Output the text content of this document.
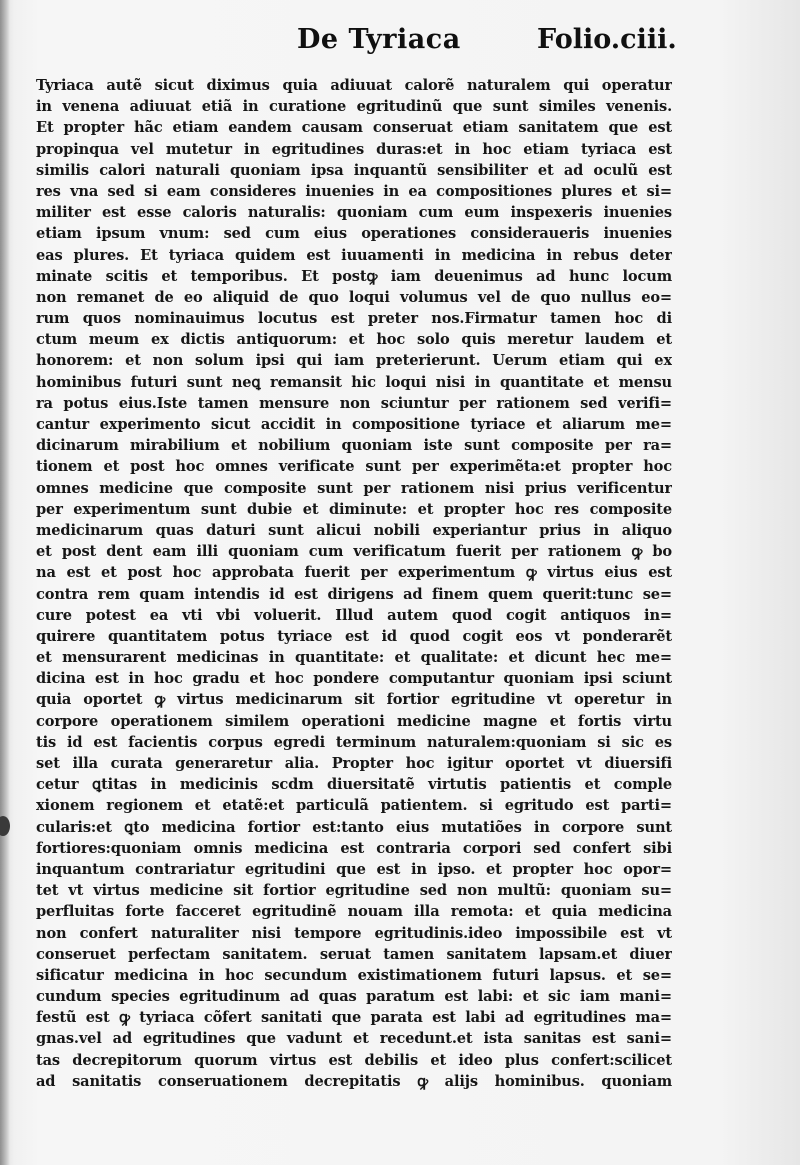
De Tyriaca	Folio.ciii.
Tyriaca autẽ sicut diximus quia adiuuat calorẽ naturalem qui operatur
in venena adiuuat etiã in curatione egritudinũ que sunt similes venenis.
Et propter hãc etiam eandem causam conseruat etiam sanitatem que est
propinqua vel mutetur in egritudines duras:et in hoc etiam tyriaca est
similis calori naturali quoniam ipsa inquantũ sensibiliter et ad oculũ est
res vna sed si eam consideres inuenies in ea compositiones plures et si=
militer est esse caloris naturalis: quoniam cum eum inspexeris inuenies
etiam ipsum vnum: sed cum eius operationes consideraueris inuenies
eas plures. Et tyriaca quidem est iuuamenti in medicina in rebus deter
minate scitis et temporibus. Et postꝙ iam deuenimus ad hunc locum
non remanet de eo aliquid de quo loqui volumus vel de quo nullus eo=
rum quos nominauimus locutus est preter nos.Firmatur tamen hoc di
ctum meum ex dictis antiquorum: et hoc solo quis meretur laudem et
honorem: et non solum ipsi qui iam preterierunt. Uerum etiam qui ex
hominibus futuri sunt neꝗ remansit hic loqui nisi in quantitate et mensu
ra potus eius.Iste tamen mensure non sciuntur per rationem sed verifi=
cantur experimento sicut accidit in compositione tyriace et aliarum me=
dicinarum mirabilium et nobilium quoniam iste sunt composite per ra=
tionem et post hoc omnes verificate sunt per experimẽta:et propter hoc
omnes medicine que composite sunt per rationem nisi prius verificentur
per experimentum sunt dubie et diminute: et propter hoc res composite
medicinarum quas daturi sunt alicui nobili experiantur prius in aliquo
et post dent eam illi quoniam cum verificatum fuerit per rationem ꝙ bo
na est et post hoc approbata fuerit per experimentum ꝙ virtus eius est
contra rem quam intendis id est dirigens ad finem quem querit:tunc se=
cure potest ea vti vbi voluerit. Illud autem quod cogit antiquos in=
quirere quantitatem potus tyriace est id quod cogit eos vt ponderarẽt
et mensurarent medicinas in quantitate: et qualitate: et dicunt hec me=
dicina est in hoc gradu et hoc pondere computantur quoniam ipsi sciunt
quia oportet ꝙ virtus medicinarum sit fortior egritudine vt operetur in
corpore operationem similem operationi medicine magne et fortis virtu
tis id est facientis corpus egredi terminum naturalem:quoniam si sic es
set illa curata generaretur alia. Propter hoc igitur oportet vt diuersifi
cetur ꝗtitas in medicinis scdm diuersitatẽ virtutis patientis et comple
xionem regionem et etatẽ:et particulã patientem. si egritudo est parti=
cularis:et ꝗto medicina fortior est:tanto eius mutatiões in corpore sunt
fortiores:quoniam omnis medicina est contraria corpori sed confert sibi
inquantum contrariatur egritudini que est in ipso. et propter hoc opor=
tet vt virtus medicine sit fortior egritudine sed non multũ: quoniam su=
perfluitas forte facceret egritudinẽ nouam illa remota: et quia medicina
non confert naturaliter nisi tempore egritudinis.ideo impossibile est vt
conseruet perfectam sanitatem. seruat tamen sanitatem lapsam.et diuer
sificatur medicina in hoc secundum existimationem futuri lapsus. et se=
cundum species egritudinum ad quas paratum est labi: et sic iam mani=
festũ est ꝙ tyriaca cõfert sanitati que parata est labi ad egritudines ma=
gnas.vel ad egritudines que vadunt et recedunt.et ista sanitas est sani=
tas decrepitorum quorum virtus est debilis et ideo plus confert:scilicet
ad sanitatis conseruationem decrepitatis ꝙ alijs hominibus. quoniam
